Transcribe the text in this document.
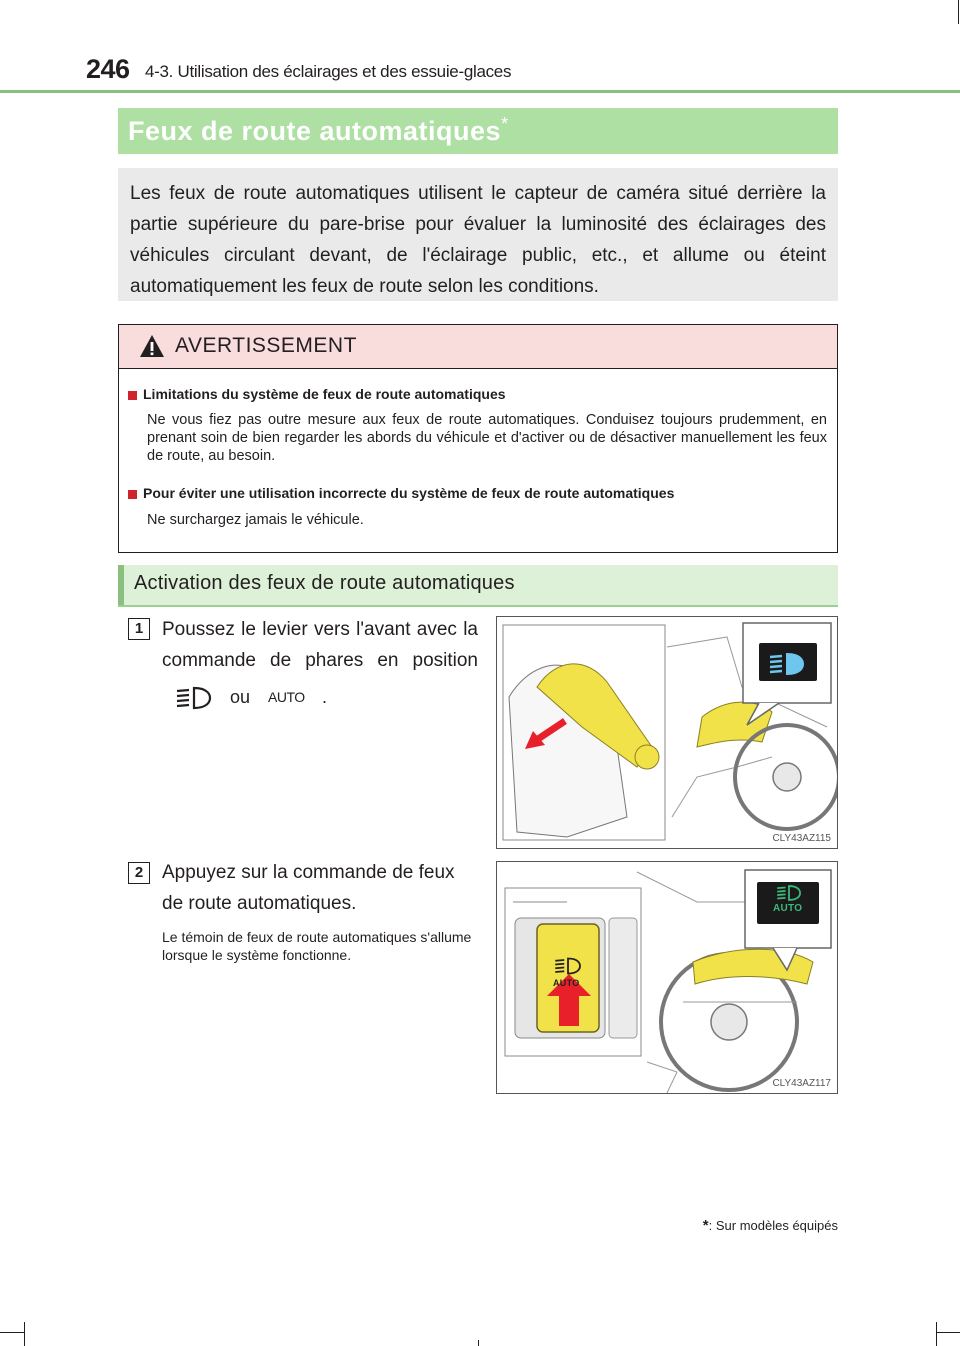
246 4-3. Utilisation des éclairages et des essuie-glaces
Feux de route automatiques*
Les feux de route automatiques utilisent le capteur de caméra situé derrière la partie supérieure du pare-brise pour évaluer la luminosité des éclairages des véhicules circulant devant, de l'éclairage public, etc., et allume ou éteint automatiquement les feux de route selon les conditions.
AVERTISSEMENT
Limitations du système de feux de route automatiques
Ne vous fiez pas outre mesure aux feux de route automatiques. Conduisez toujours prudemment, en prenant soin de bien regarder les abords du véhicule et d'activer ou de désactiver manuellement les feux de route, au besoin.
Pour éviter une utilisation incorrecte du système de feux de route automatiques
Ne surchargez jamais le véhicule.
Activation des feux de route automatiques
1 Poussez le levier vers l'avant avec la commande de phares en position
ou AUTO .
CLY43AZ115
2 Appuyez sur la commande de feux de route automatiques.
Le témoin de feux de route automatiques s'allume lorsque le système fonctionne.
AUTO
AUTO
CLY43AZ117
*: Sur modèles équipés
